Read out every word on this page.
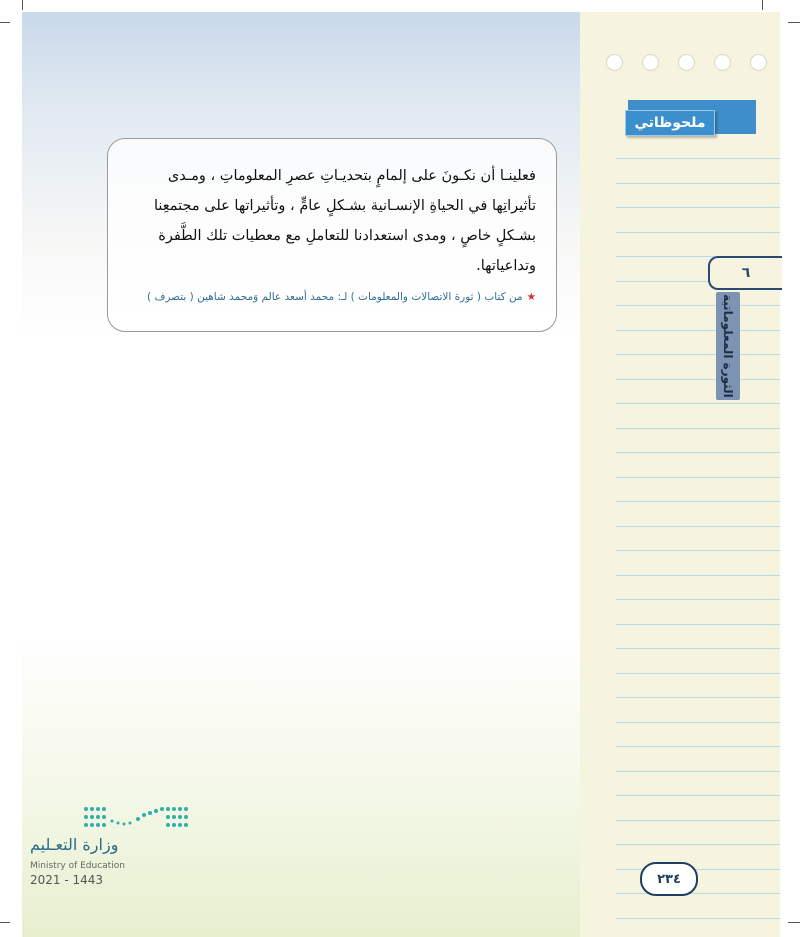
ملحوظاتي
٦
الثورة المعلوماتية
فعلينـا أن نكـونَ على إلمامٍ بتحديـاتِ عصرِ المعلوماتِ ، ومـدى تأثيراتِها في الحياةِ الإنسـانية بشـكلٍ عامٍّ ، وتأثيراتها على مجتمعِنا بشـكلٍ خاصٍ ، ومدى استعدادنا للتعاملِ مع معطيات تلك الطَّفرة وتداعياتها.
★من كتاب ( ثورة الاتصالات والمعلومات ) لـ: محمد أسعد عالم وَمحمد شاهين ( بتصرف )
وزارة التعـليم
Ministry of Education
2021 - 1443	٢٣٤
